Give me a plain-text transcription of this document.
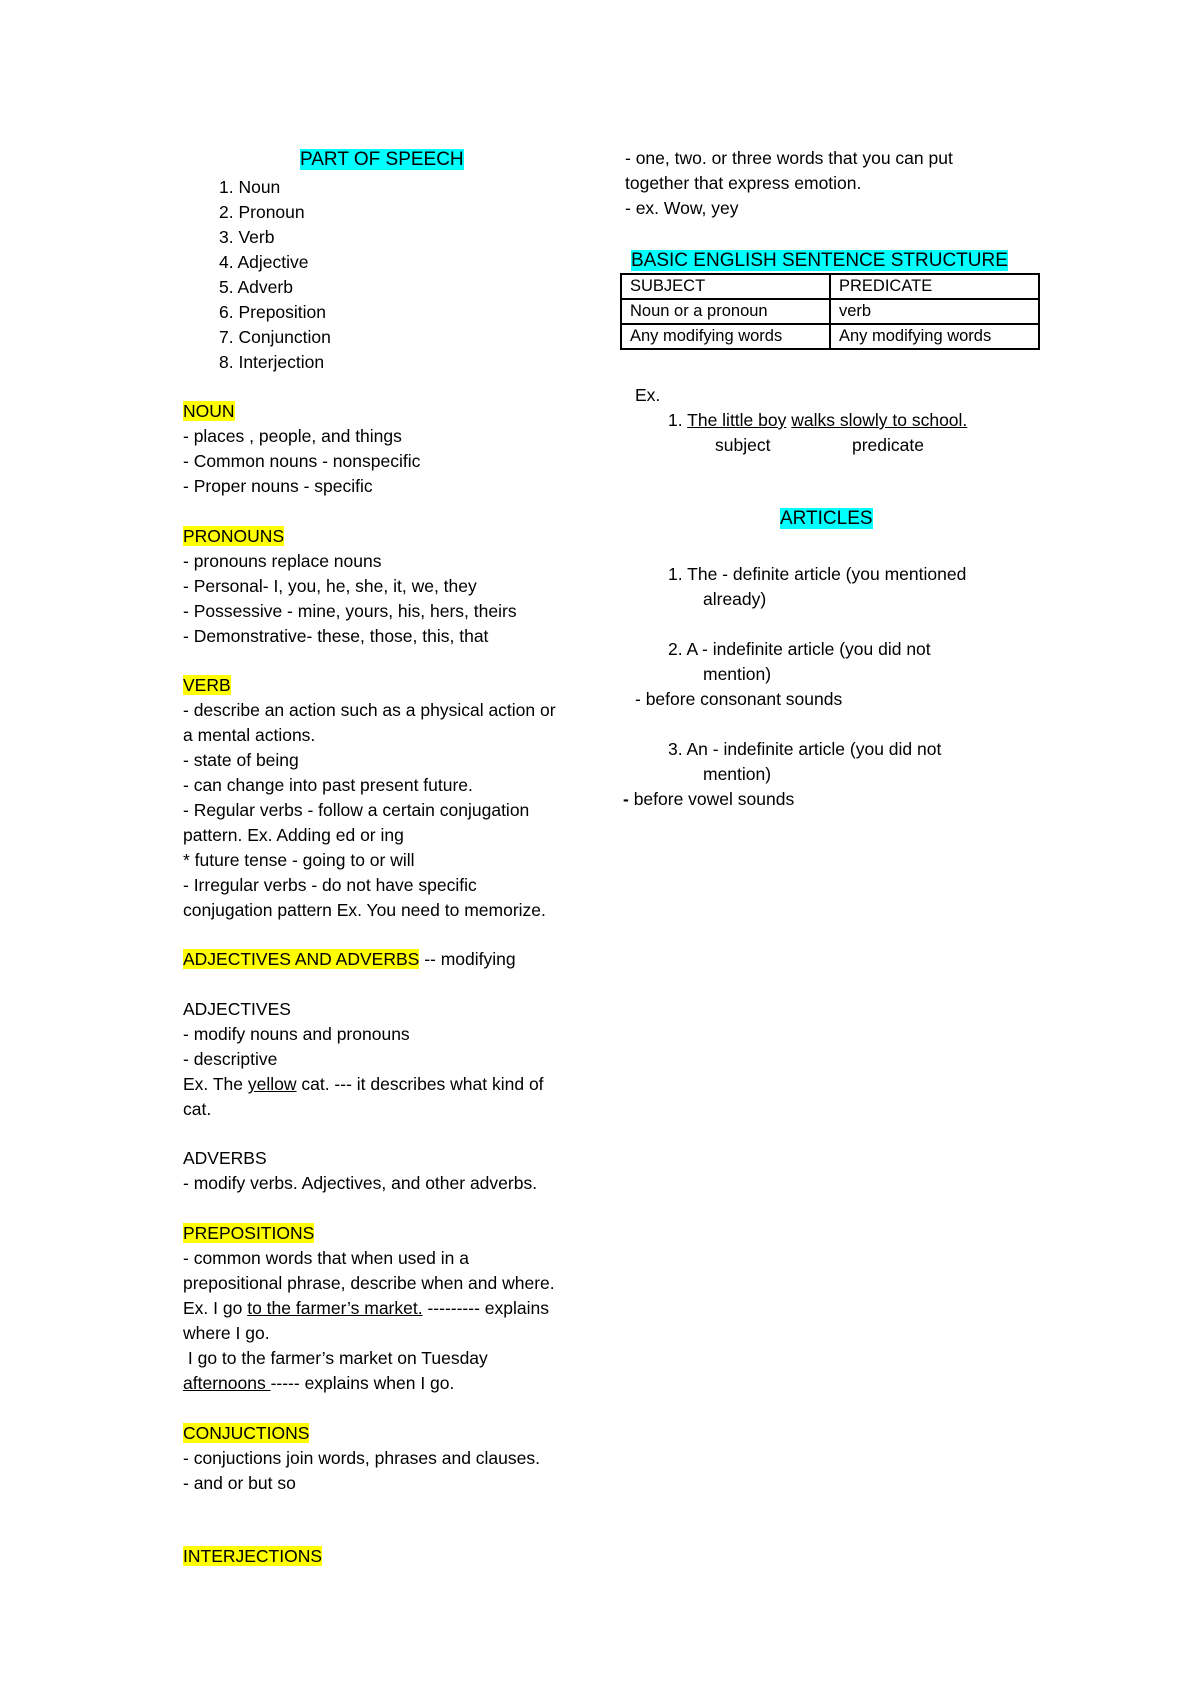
PART OF SPEECH
1. Noun
2. Pronoun
3. Verb
4. Adjective
5. Adverb
6. Preposition
7. Conjunction
8. Interjection
NOUN
- places , people, and things
- Common nouns - nonspecific
- Proper nouns - specific
PRONOUNS
- pronouns replace nouns
- Personal- I, you, he, she, it, we, they
- Possessive - mine, yours, his, hers, theirs
- Demonstrative- these, those, this, that
VERB
- describe an action such as a physical action or
a mental actions.
- state of being
- can change into past present future.
- Regular verbs - follow a certain conjugation
pattern. Ex. Adding ed or ing
* future tense - going to or will
- Irregular verbs - do not have specific
conjugation pattern Ex. You need to memorize.
ADJECTIVES AND ADVERBS -- modifying
ADJECTIVES
- modify nouns and pronouns
- descriptive
Ex. The yellow cat. --- it describes what kind of
cat.
ADVERBS
- modify verbs. Adjectives, and other adverbs.
PREPOSITIONS
- common words that when used in a
prepositional phrase, describe when and where.
Ex. I go to the farmer’s market. --------- explains
where I go.
I go to the farmer’s market on Tuesday
afternoons ----- explains when I go.
CONJUCTIONS
- conjuctions join words, phrases and clauses.
- and or but so
INTERJECTIONS
- one, two. or three words that you can put
together that express emotion.
- ex. Wow, yey
BASIC ENGLISH SENTENCE STRUCTURE
SUBJECT	PREDICATE
Noun or a pronoun	verb
Any modifying words	Any modifying words
Ex.
1. The little boy walks slowly to school.
subject	predicate
ARTICLES
1. The - definite article (you mentioned
already)
2. A - indefinite article (you did not
mention)
- before consonant sounds
3. An - indefinite article (you did not
mention)
- before vowel sounds
